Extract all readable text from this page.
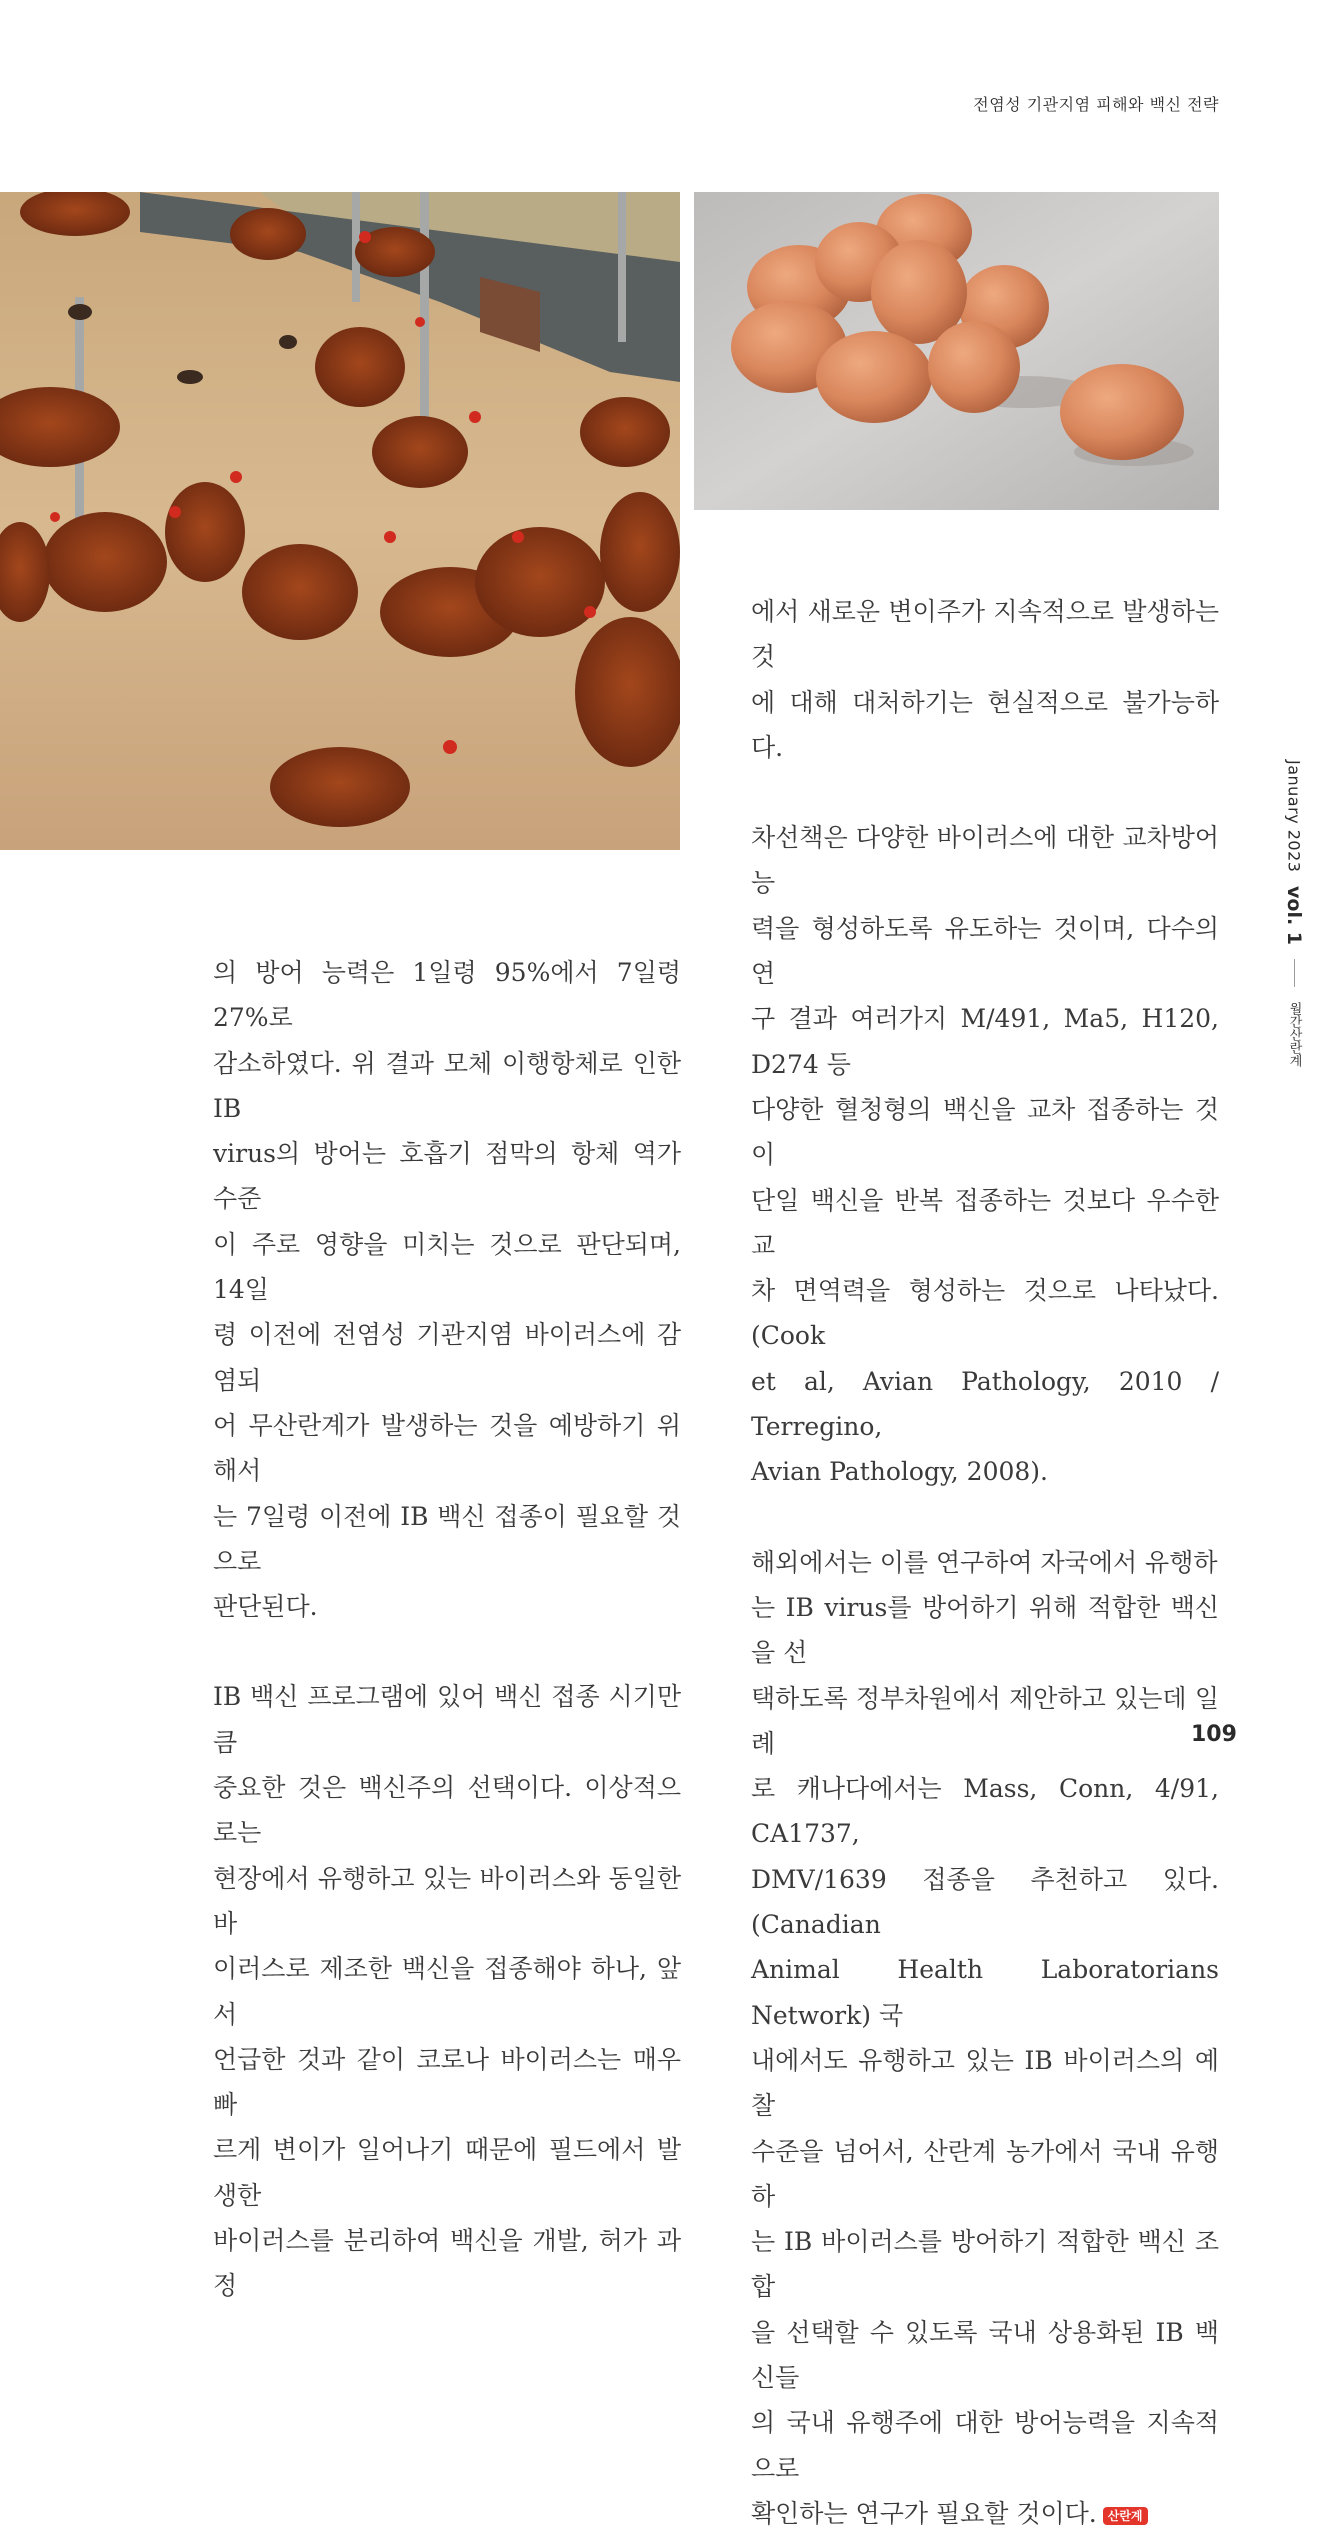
전염성 기관지염 피해와 백신 전략

의 방어 능력은 1일령 95%에서 7일령 27%로
감소하였다. 위 결과 모체 이행항체로 인한 IB
virus의 방어는 호흡기 점막의 항체 역가 수준
이 주로 영향을 미치는 것으로 판단되며, 14일
령 이전에 전염성 기관지염 바이러스에 감염되
어 무산란계가 발생하는 것을 예방하기 위해서
는 7일령 이전에 IB 백신 접종이 필요할 것으로
판단된다.

IB 백신 프로그램에 있어 백신 접종 시기만큼
중요한 것은 백신주의 선택이다. 이상적으로는
현장에서 유행하고 있는 바이러스와 동일한 바
이러스로 제조한 백신을 접종해야 하나, 앞서
언급한 것과 같이 코로나 바이러스는 매우 빠
르게 변이가 일어나기 때문에 필드에서 발생한
바이러스를 분리하여 백신을 개발, 허가 과정

에서 새로운 변이주가 지속적으로 발생하는 것
에 대해 대처하기는 현실적으로 불가능하다.

차선책은 다양한 바이러스에 대한 교차방어능
력을 형성하도록 유도하는 것이며, 다수의 연
구 결과 여러가지 M/491, Ma5, H120, D274 등
다양한 혈청형의 백신을 교차 접종하는 것이
단일 백신을 반복 접종하는 것보다 우수한 교
차 면역력을 형성하는 것으로 나타났다. (Cook
et al, Avian Pathology, 2010 / Terregino,
Avian Pathology, 2008).

해외에서는 이를 연구하여 자국에서 유행하
는 IB virus를 방어하기 위해 적합한 백신을 선
택하도록 정부차원에서 제안하고 있는데 일례
로 캐나다에서는 Mass, Conn, 4/91, CA1737,
DMV/1639 접종을 추천하고 있다. (Canadian
Animal Health Laboratorians Network) 국
내에서도 유행하고 있는 IB 바이러스의 예찰
수준을 넘어서, 산란계 농가에서 국내 유행하
는 IB 바이러스를 방어하기 적합한 백신 조합
을 선택할 수 있도록 국내 상용화된 IB 백신들
의 국내 유행주에 대한 방어능력을 지속적으로
확인하는 연구가 필요할 것이다. 산란계

January 2023
vol. 1
월간산란계
109
